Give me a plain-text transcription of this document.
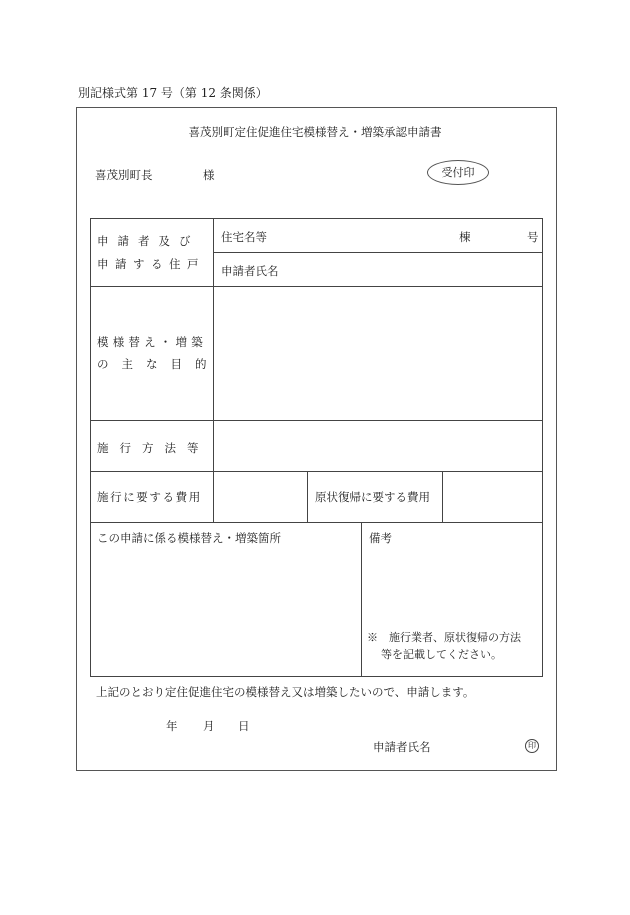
別記様式第 17 号（第 12 条関係）
喜茂別町定住促進住宅模様替え・増築承認申請書
喜茂別町長	様	受付印
申請者及び
申請する住戸
住宅名等	棟	号
申請者氏名
模様替え・増築
の主な目的
施行方法等
施行に要する費用	原状復帰に要する費用
この申請に係る模様替え・増築箇所	備考
※　施行業者、原状復帰の方法
等を記載してください。
上記のとおり定住促進住宅の模様替え又は増築したいので、申請します。
年 月 日
申請者氏名	印
